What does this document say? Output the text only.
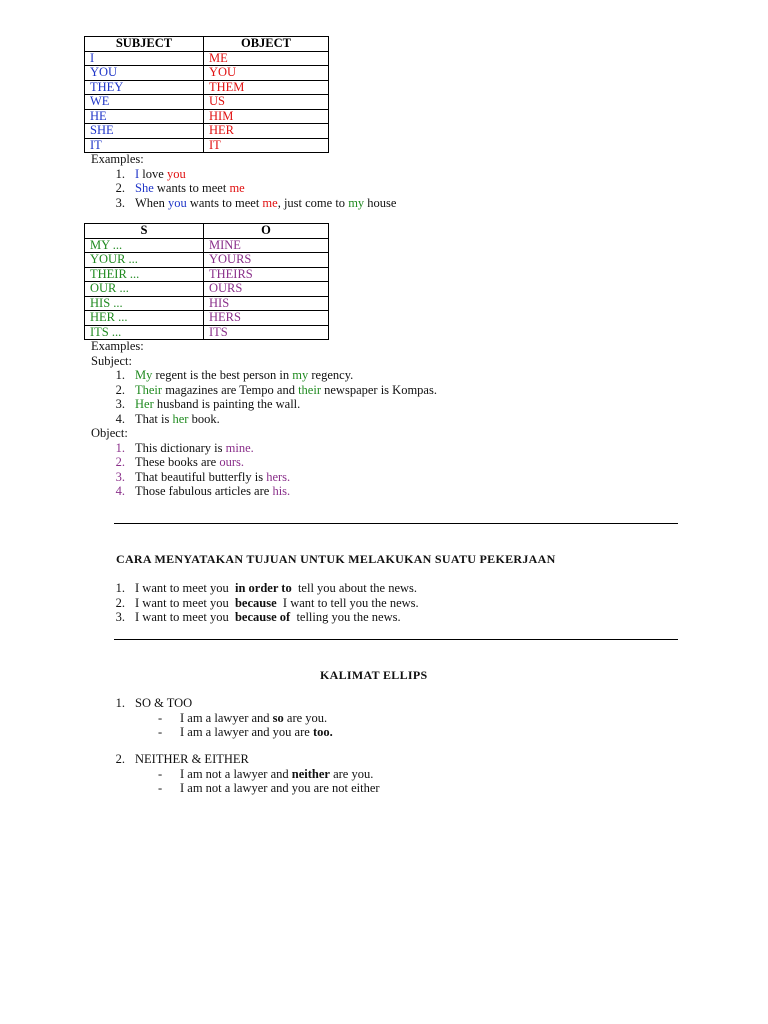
SUBJECT	OBJECT
I	ME
YOU	YOU
THEY	THEM
WE	US
HE	HIM
SHE	HER
IT	IT
Examples:
1. I love you
2. She wants to meet me
3. When you wants to meet me, just come to my house
S	O
MY ...	MINE
YOUR ...	YOURS
THEIR ...	THEIRS
OUR ...	OURS
HIS ...	HIS
HER ...	HERS
ITS ...	ITS
Examples:
Subject:
1. My regent is the best person in my regency.
2. Their magazines are Tempo and their newspaper is Kompas.
3. Her husband is painting the wall.
4. That is her book.
Object:
1. This dictionary is mine.
2. These books are ours.
3. That beautiful butterfly is hers.
4. Those fabulous articles are his.
CARA MENYATAKAN TUJUAN UNTUK MELAKUKAN SUATU PEKERJAAN
1. I want to meet you  in order to  tell you about the news.
2. I want to meet you  because  I want to tell you the news.
3. I want to meet you  because of  telling you the news.
KALIMAT ELLIPS
1. SO & TOO
- I am a lawyer and so are you.
- I am a lawyer and you are too.
2. NEITHER & EITHER
- I am not a lawyer and neither are you.
- I am not a lawyer and you are not either
